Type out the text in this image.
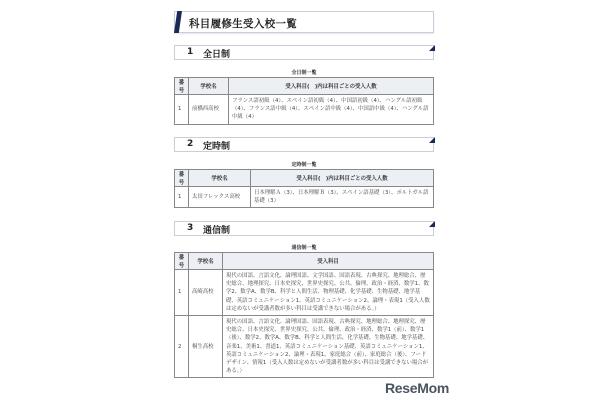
科目履修生受入校一覧
1 全日制
全日制一覧
番号	学校名	受入科目(　)内は科目ごとの受入人数
1	前橋西高校	フランス語初級（4）、スペイン語初級（4）、中国語初級（4）、ハングル語初級（4）、フランス語中級（4）、スペイン語中級（4）、中国語中級（4）、ハングル語中級（4）
2 定時制
定時制一覧
番号	学校名	受入科目(　)内は科目ごとの受入人数
1	太田フレックス高校	日本理解Ａ（3）、日本理解Ｂ（3）、スペイン語基礎（3）、ポルトガル語基礎（3）
3 通信制
通信制一覧
番号	学校名	受入科目
1	高崎高校	現代の国語、言語文化、論理国語、文学国語、国語表現、古典探究、地理総合、歴史総合、地理探究、日本史探究、世界史探究、公共、倫理、政治・経済、数学1、数学2、数学A、数学B、科学と人間生活、物理基礎、化学基礎、生物基礎、地学基礎、英語コミュニケーション1、英語コミュニケーション2、論理・表現1（受入人数は定めないが受講者数が多い科目は受講できない場合がある。）
2	桐生高校	現代の国語、言語文化、論理国語、国語表現、古典探究、地理総合、地理探究、歴史総合、日本史探究、世界史探究、公共、倫理、政治・経済、数学1（前）、数学1（後）、数学2、数学A、数学B、科学と人間生活、化学基礎、生物基礎、地学基礎、音楽1、美術1、書道1、英語コミュニケーション基礎、英語コミュニケーション1、英語コミュニケーション2、論理・表現1、家庭総合（前）、家庭総合（後）、フードデザイン、情報1（受入人数は定めないが受講者数が多い科目は受講できない場合がある。）
ReseMom
